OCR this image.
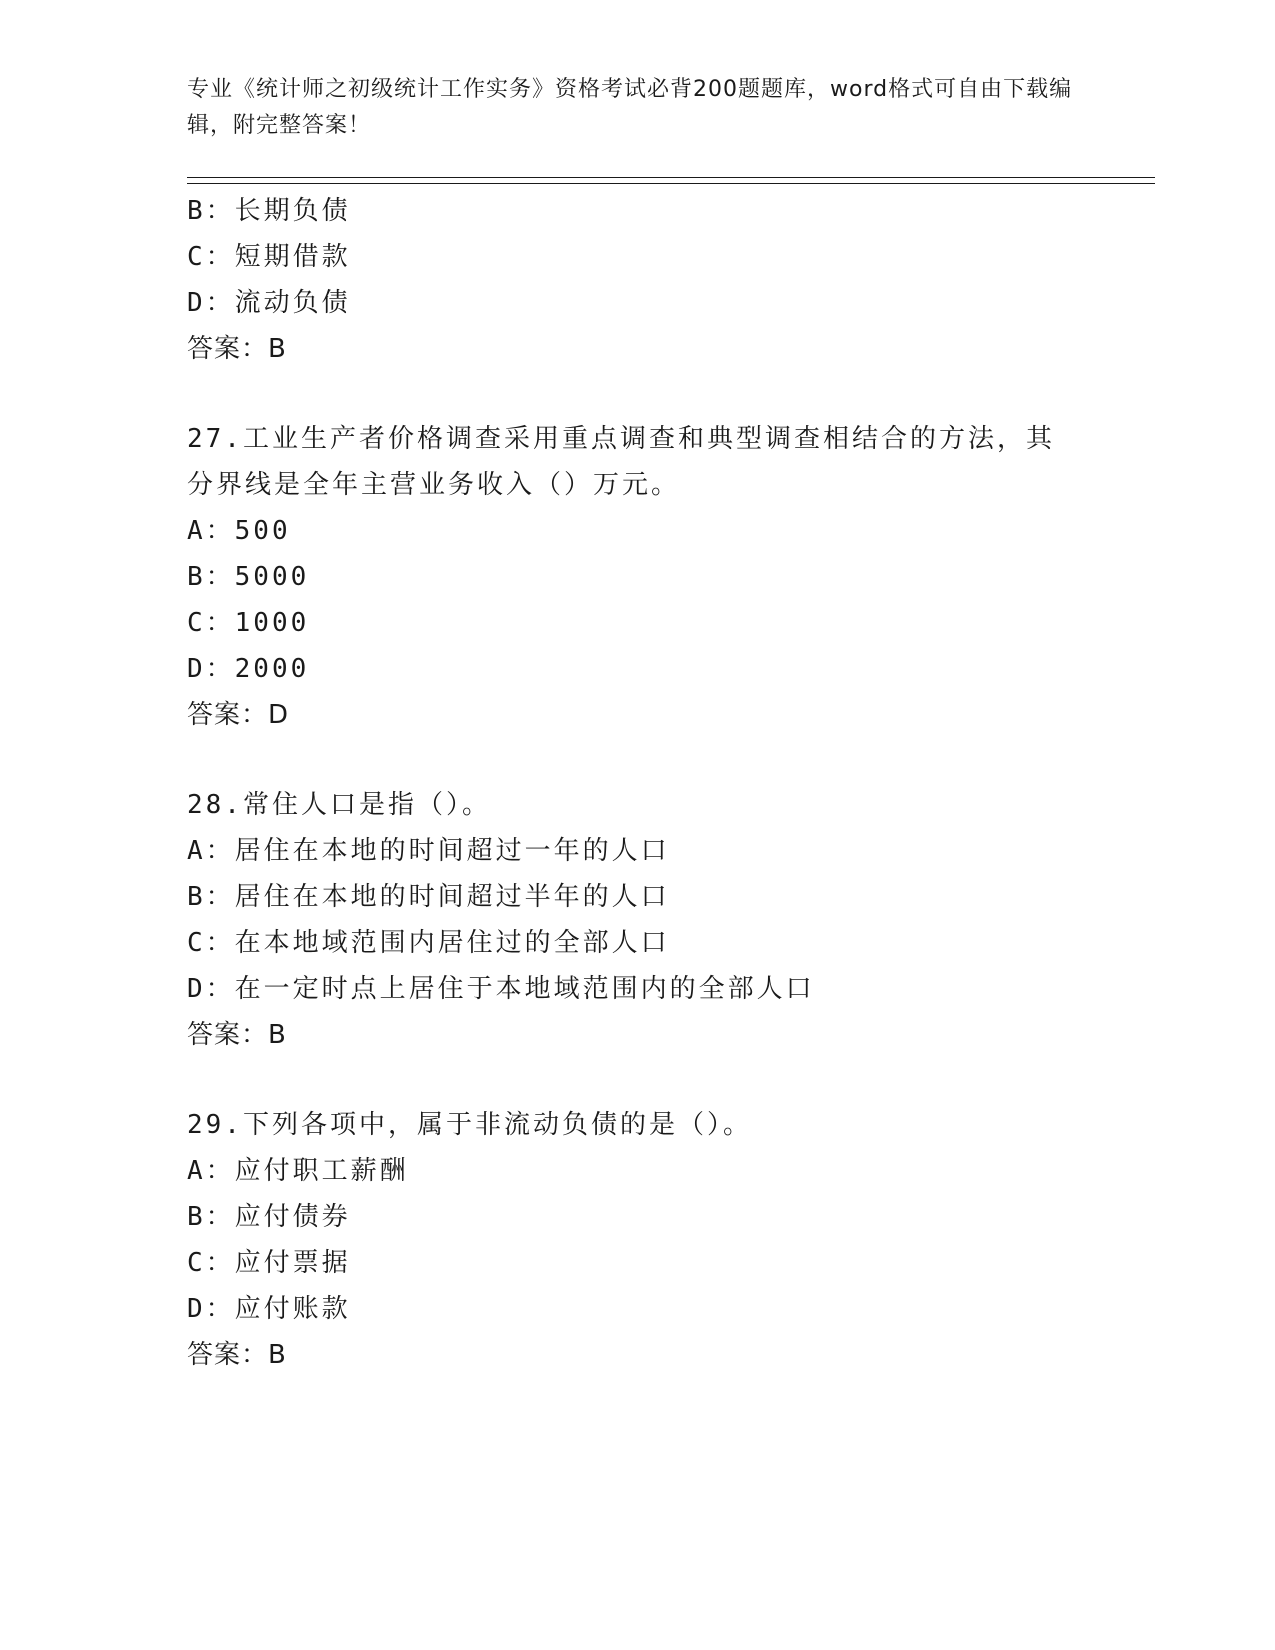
专业《统计师之初级统计工作实务》资格考试必背200题题库，word格式可自由下载编辑，附完整答案！
B：长期负债
C：短期借款
D：流动负债
答案：B
27.工业生产者价格调查采用重点调查和典型调查相结合的方法，其分界线是全年主营业务收入（）万元。
A：500
B：5000
C：1000
D：2000
答案：D
28.常住人口是指（）。
A：居住在本地的时间超过一年的人口
B：居住在本地的时间超过半年的人口
C：在本地域范围内居住过的全部人口
D：在一定时点上居住于本地域范围内的全部人口
答案：B
29.下列各项中，属于非流动负债的是（）。
A：应付职工薪酬
B：应付债券
C：应付票据
D：应付账款
答案：B
